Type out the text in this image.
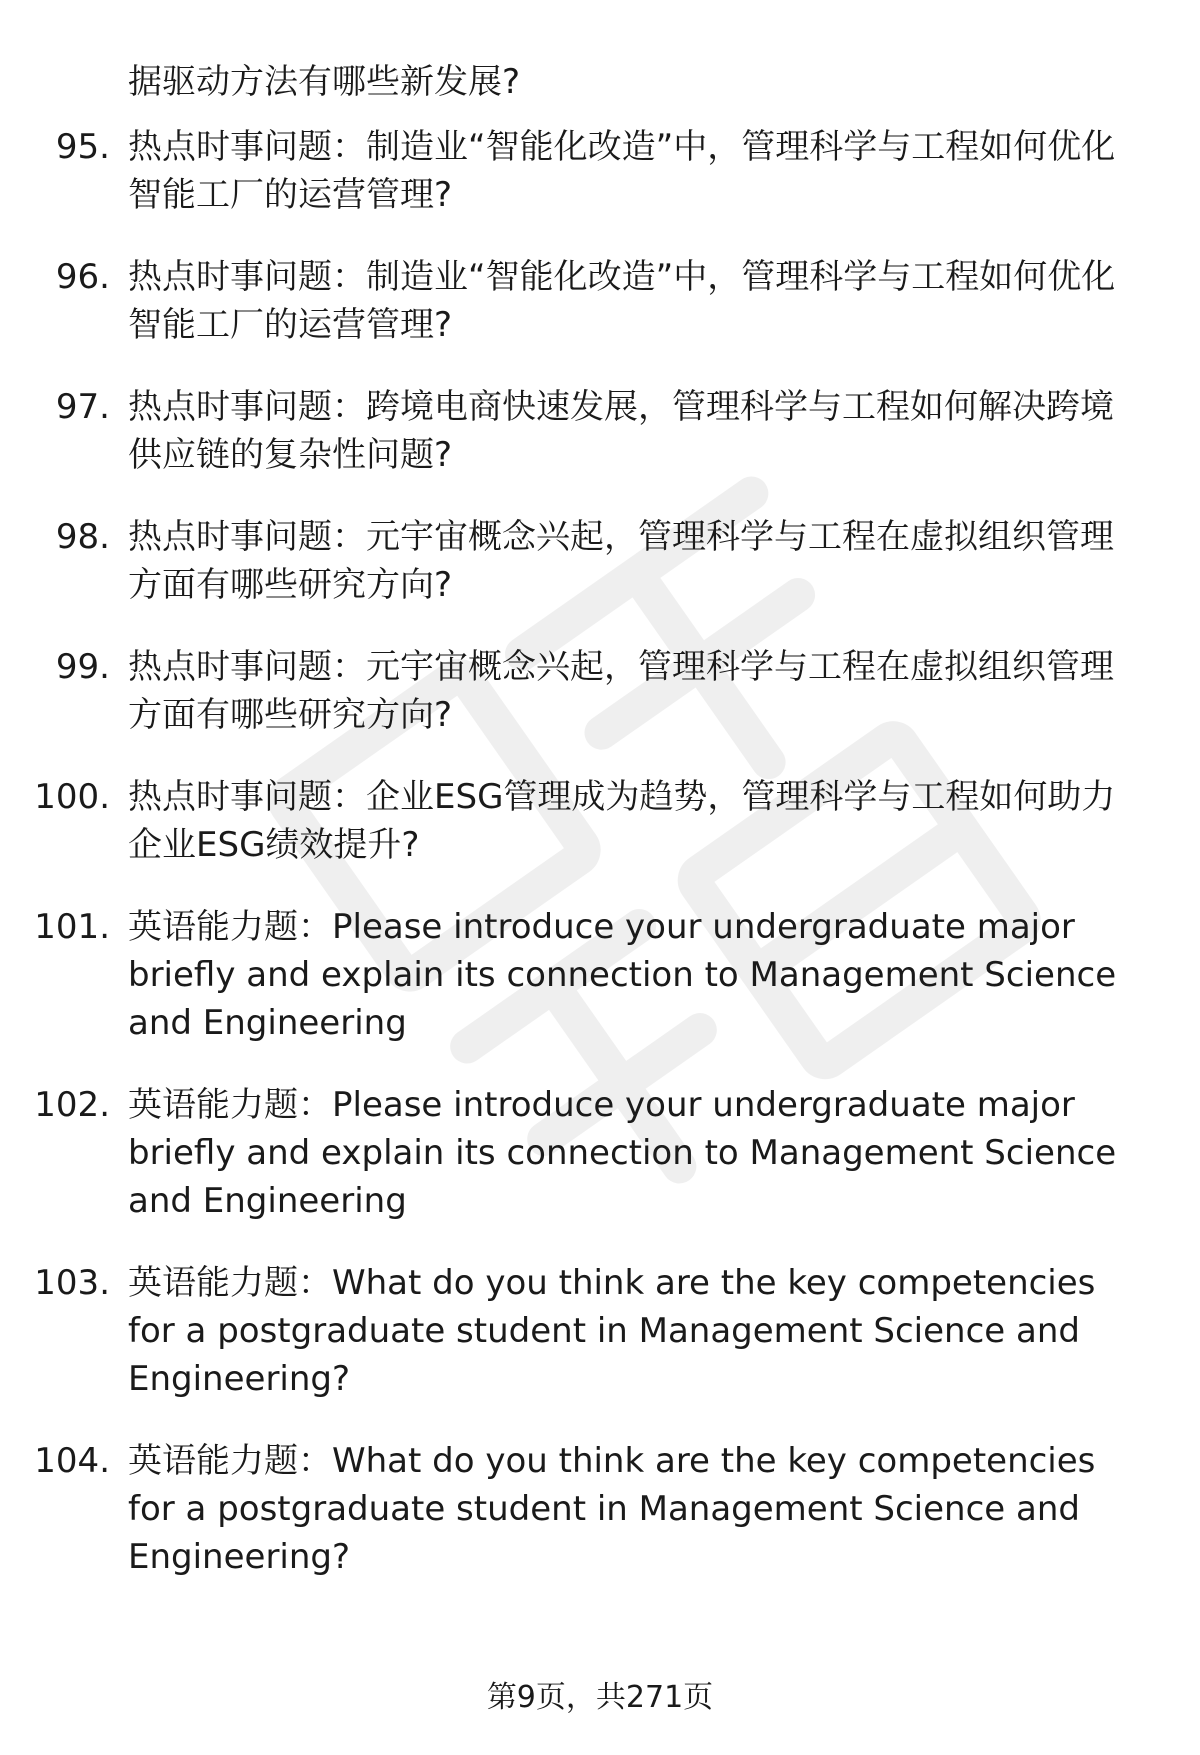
据驱动方法有哪些新发展?

95. 热点时事问题：制造业“智能化改造”中，管理科学与工程如何优化智能工厂的运营管理?
96. 热点时事问题：制造业“智能化改造”中，管理科学与工程如何优化智能工厂的运营管理?
97. 热点时事问题：跨境电商快速发展，管理科学与工程如何解决跨境供应链的复杂性问题?
98. 热点时事问题：元宇宙概念兴起，管理科学与工程在虚拟组织管理方面有哪些研究方向?
99. 热点时事问题：元宇宙概念兴起，管理科学与工程在虚拟组织管理方面有哪些研究方向?
100. 热点时事问题：企业ESG管理成为趋势，管理科学与工程如何助力企业ESG绩效提升?
101. 英语能力题：Please introduce your undergraduate major briefly and explain its connection to Management Science and Engineering
102. 英语能力题：Please introduce your undergraduate major briefly and explain its connection to Management Science and Engineering
103. 英语能力题：What do you think are the key competencies for a postgraduate student in Management Science and Engineering?
104. 英语能力题：What do you think are the key competencies for a postgraduate student in Management Science and Engineering?
第9页，共271页
